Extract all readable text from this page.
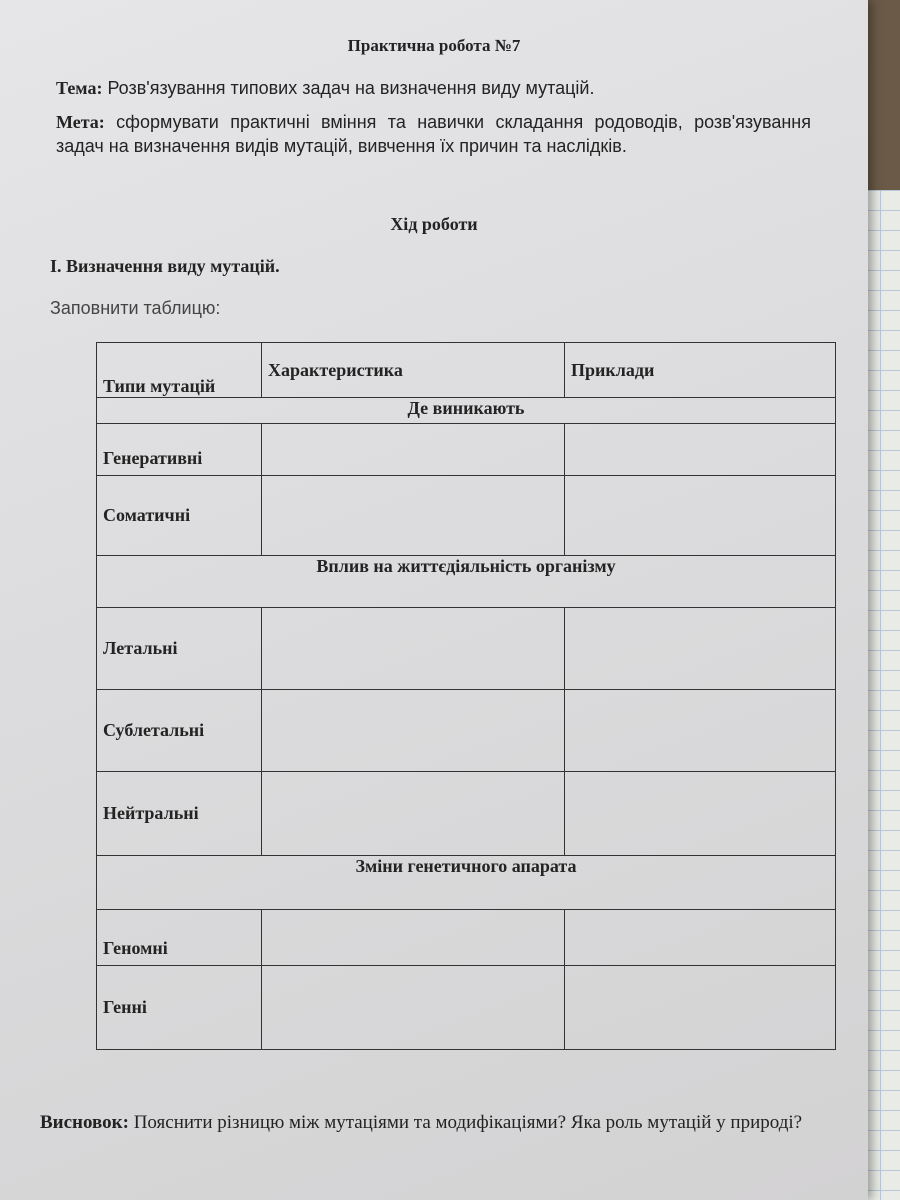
Практична робота №7
Тема: Розв'язування типових задач на визначення виду мутацій.
Мета: сформувати практичні вміння та навички складання родоводів, розв'язування задач на визначення видів мутацій, вивчення їх причин та наслідків.
Хід роботи
I. Визначення виду мутацій.
Заповнити таблицю:
Типи мутацій	Характеристика	Приклади
Де виникають		
Генеративні		
Соматичні		
Вплив на життєдіяльність організму		
Летальні		
Сублетальні		
Нейтральні		
Зміни генетичного апарата		
Геномні		
Генні		
Висновок: Пояснити різницю між мутаціями та модифікаціями? Яка роль мутацій у природі?
